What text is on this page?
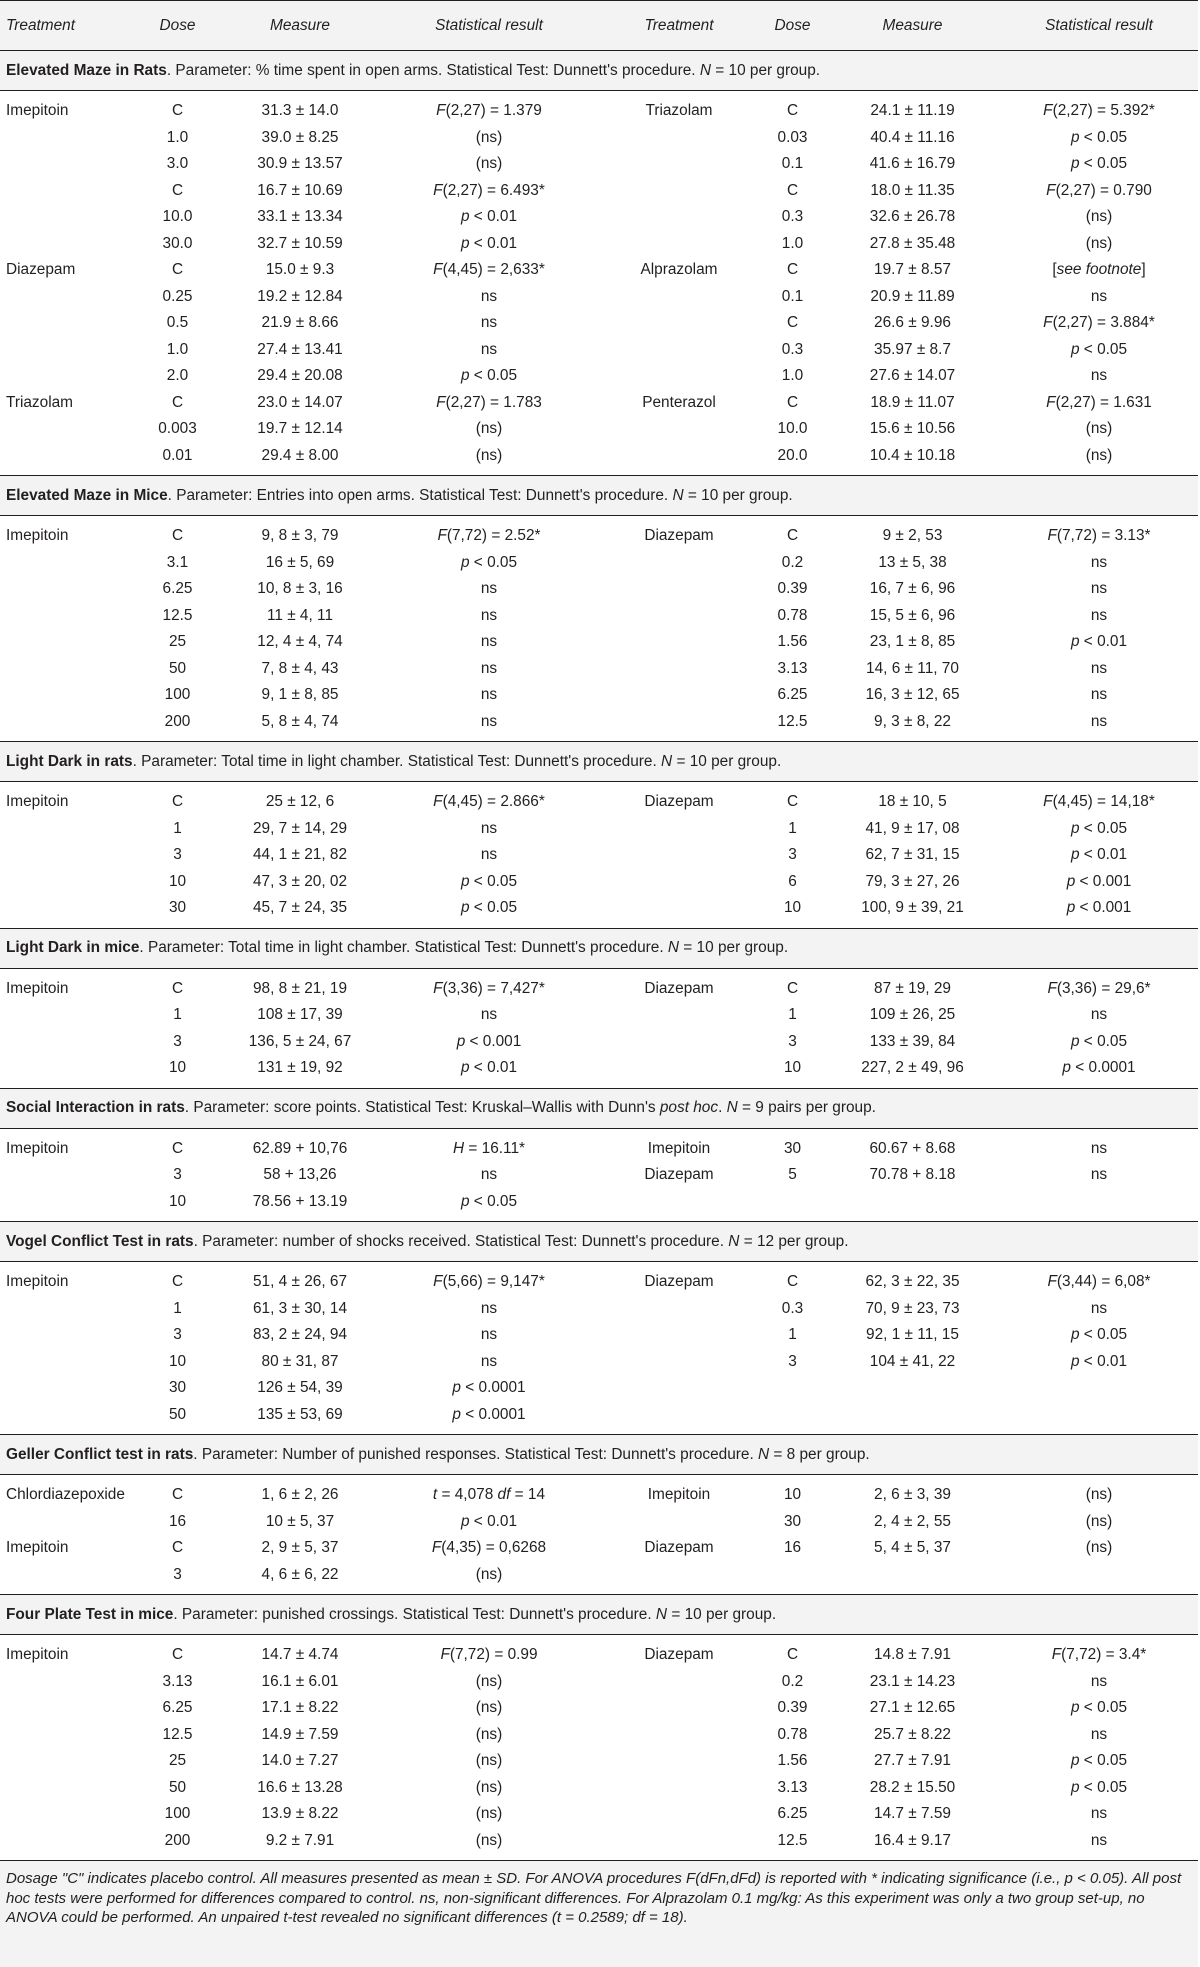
Treatment	Dose	Measure	Statistical result	Treatment	Dose	Measure	Statistical result
Elevated Maze in Rats. Parameter: % time spent in open arms. Statistical Test: Dunnett's procedure. N = 10 per group.							
Imepitoin	C	31.3 ± 14.0	F(2,27) = 1.379	Triazolam	C	24.1 ± 11.19	F(2,27) = 5.392*
	1.0	39.0 ± 8.25	(ns)		0.03	40.4 ± 11.16	p < 0.05
	3.0	30.9 ± 13.57	(ns)		0.1	41.6 ± 16.79	p < 0.05
	C	16.7 ± 10.69	F(2,27) = 6.493*		C	18.0 ± 11.35	F(2,27) = 0.790
	10.0	33.1 ± 13.34	p < 0.01		0.3	32.6 ± 26.78	(ns)
	30.0	32.7 ± 10.59	p < 0.01		1.0	27.8 ± 35.48	(ns)
Diazepam	C	15.0 ± 9.3	F(4,45) = 2,633*	Alprazolam	C	19.7 ± 8.57	[see footnote]
	0.25	19.2 ± 12.84	ns		0.1	20.9 ± 11.89	ns
	0.5	21.9 ± 8.66	ns		C	26.6 ± 9.96	F(2,27) = 3.884*
	1.0	27.4 ± 13.41	ns		0.3	35.97 ± 8.7	p < 0.05
	2.0	29.4 ± 20.08	p < 0.05		1.0	27.6 ± 14.07	ns
Triazolam	C	23.0 ± 14.07	F(2,27) = 1.783	Penterazol	C	18.9 ± 11.07	F(2,27) = 1.631
	0.003	19.7 ± 12.14	(ns)		10.0	15.6 ± 10.56	(ns)
	0.01	29.4 ± 8.00	(ns)		20.0	10.4 ± 10.18	(ns)
Elevated Maze in Mice. Parameter: Entries into open arms. Statistical Test: Dunnett's procedure. N = 10 per group.							
Imepitoin	C	9, 8 ± 3, 79	F(7,72) = 2.52*	Diazepam	C	9 ± 2, 53	F(7,72) = 3.13*
	3.1	16 ± 5, 69	p < 0.05		0.2	13 ± 5, 38	ns
	6.25	10, 8 ± 3, 16	ns		0.39	16, 7 ± 6, 96	ns
	12.5	11 ± 4, 11	ns		0.78	15, 5 ± 6, 96	ns
	25	12, 4 ± 4, 74	ns		1.56	23, 1 ± 8, 85	p < 0.01
	50	7, 8 ± 4, 43	ns		3.13	14, 6 ± 11, 70	ns
	100	9, 1 ± 8, 85	ns		6.25	16, 3 ± 12, 65	ns
	200	5, 8 ± 4, 74	ns		12.5	9, 3 ± 8, 22	ns
Light Dark in rats. Parameter: Total time in light chamber. Statistical Test: Dunnett's procedure. N = 10 per group.							
Imepitoin	C	25 ± 12, 6	F(4,45) = 2.866*	Diazepam	C	18 ± 10, 5	F(4,45) = 14,18*
	1	29, 7 ± 14, 29	ns		1	41, 9 ± 17, 08	p < 0.05
	3	44, 1 ± 21, 82	ns		3	62, 7 ± 31, 15	p < 0.01
	10	47, 3 ± 20, 02	p < 0.05		6	79, 3 ± 27, 26	p < 0.001
	30	45, 7 ± 24, 35	p < 0.05		10	100, 9 ± 39, 21	p < 0.001
Light Dark in mice. Parameter: Total time in light chamber. Statistical Test: Dunnett's procedure. N = 10 per group.							
Imepitoin	C	98, 8 ± 21, 19	F(3,36) = 7,427*	Diazepam	C	87 ± 19, 29	F(3,36) = 29,6*
	1	108 ± 17, 39	ns		1	109 ± 26, 25	ns
	3	136, 5 ± 24, 67	p < 0.001		3	133 ± 39, 84	p < 0.05
	10	131 ± 19, 92	p < 0.01		10	227, 2 ± 49, 96	p < 0.0001
Social Interaction in rats. Parameter: score points. Statistical Test: Kruskal–Wallis with Dunn's post hoc. N = 9 pairs per group.							
Imepitoin	C	62.89 + 10,76	H = 16.11*	Imepitoin	30	60.67 + 8.68	ns
	3	58 + 13,26	ns	Diazepam	5	70.78 + 8.18	ns
	10	78.56 + 13.19	p < 0.05				
Vogel Conflict Test in rats. Parameter: number of shocks received. Statistical Test: Dunnett's procedure. N = 12 per group.							
Imepitoin	C	51, 4 ± 26, 67	F(5,66) = 9,147*	Diazepam	C	62, 3 ± 22, 35	F(3,44) = 6,08*
	1	61, 3 ± 30, 14	ns		0.3	70, 9 ± 23, 73	ns
	3	83, 2 ± 24, 94	ns		1	92, 1 ± 11, 15	p < 0.05
	10	80 ± 31, 87	ns		3	104 ± 41, 22	p < 0.01
	30	126 ± 54, 39	p < 0.0001				
	50	135 ± 53, 69	p < 0.0001				
Geller Conflict test in rats. Parameter: Number of punished responses. Statistical Test: Dunnett's procedure. N = 8 per group.							
Chlordiazepoxide	C	1, 6 ± 2, 26	t = 4,078 df = 14	Imepitoin	10	2, 6 ± 3, 39	(ns)
	16	10 ± 5, 37	p < 0.01		30	2, 4 ± 2, 55	(ns)
Imepitoin	C	2, 9 ± 5, 37	F(4,35) = 0,6268	Diazepam	16	5, 4 ± 5, 37	(ns)
	3	4, 6 ± 6, 22	(ns)				
Four Plate Test in mice. Parameter: punished crossings. Statistical Test: Dunnett's procedure. N = 10 per group.							
Imepitoin	C	14.7 ± 4.74	F(7,72) = 0.99	Diazepam	C	14.8 ± 7.91	F(7,72) = 3.4*
	3.13	16.1 ± 6.01	(ns)		0.2	23.1 ± 14.23	ns
	6.25	17.1 ± 8.22	(ns)		0.39	27.1 ± 12.65	p < 0.05
	12.5	14.9 ± 7.59	(ns)		0.78	25.7 ± 8.22	ns
	25	14.0 ± 7.27	(ns)		1.56	27.7 ± 7.91	p < 0.05
	50	16.6 ± 13.28	(ns)		3.13	28.2 ± 15.50	p < 0.05
	100	13.9 ± 8.22	(ns)		6.25	14.7 ± 7.59	ns
	200	9.2 ± 7.91	(ns)		12.5	16.4 ± 9.17	ns
Dosage "C" indicates placebo control. All measures presented as mean ± SD. For ANOVA procedures F(dFn,dFd) is reported with * indicating significance (i.e., p < 0.05). All post hoc tests were performed for differences compared to control. ns, non-significant differences. For Alprazolam 0.1 mg/kg: As this experiment was only a two group set-up, no ANOVA could be performed. An unpaired t-test revealed no significant differences (t = 0.2589; df = 18).							
